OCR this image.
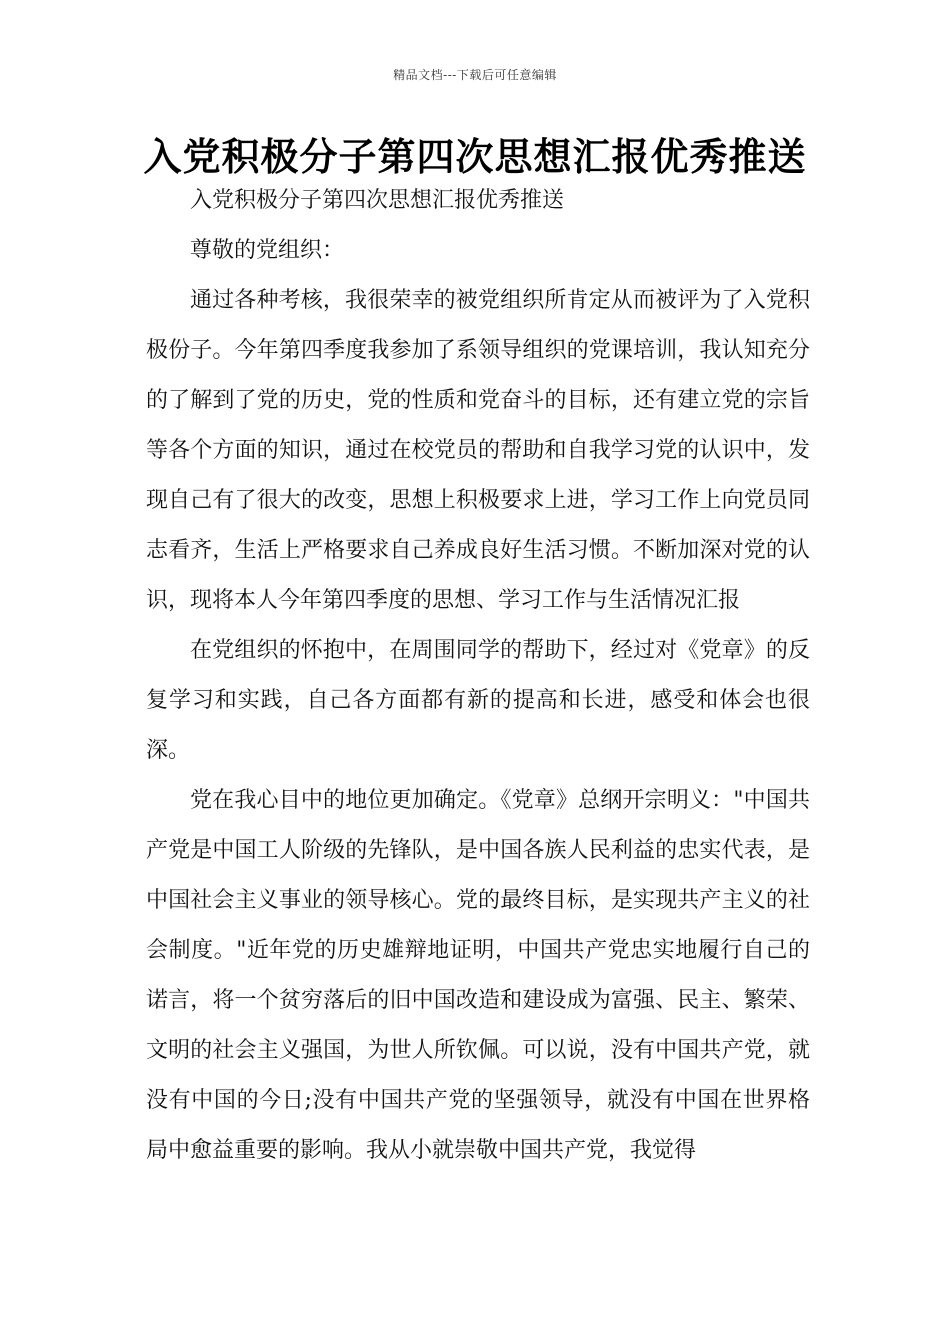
精品文档---下载后可任意编辑
入党积极分子第四次思想汇报优秀推送

入党积极分子第四次思想汇报优秀推送

尊敬的党组织：

通过各种考核，我很荣幸的被党组织所肯定从而被评为了入党积极份子。今年第四季度我参加了系领导组织的党课培训，我认知充分的了解到了党的历史，党的性质和党奋斗的目标，还有建立党的宗旨等各个方面的知识，通过在校党员的帮助和自我学习党的认识中，发现自己有了很大的改变，思想上积极要求上进，学习工作上向党员同志看齐，生活上严格要求自己养成良好生活习惯。不断加深对党的认识，现将本人今年第四季度的思想、学习工作与生活情况汇报

在党组织的怀抱中，在周围同学的帮助下，经过对《党章》的反复学习和实践，自己各方面都有新的提高和长进，感受和体会也很深。

党在我心目中的地位更加确定。《党章》总纲开宗明义："中国共产党是中国工人阶级的先锋队，是中国各族人民利益的忠实代表，是中国社会主义事业的领导核心。党的最终目标，是实现共产主义的社会制度。"近年党的历史雄辩地证明，中国共产党忠实地履行自己的诺言，将一个贫穷落后的旧中国改造和建设成为富强、民主、繁荣、文明的社会主义强国，为世人所钦佩。可以说，没有中国共产党，就没有中国的今日;没有中国共产党的坚强领导，就没有中国在世界格局中愈益重要的影响。我从小就崇敬中国共产党，我觉得
